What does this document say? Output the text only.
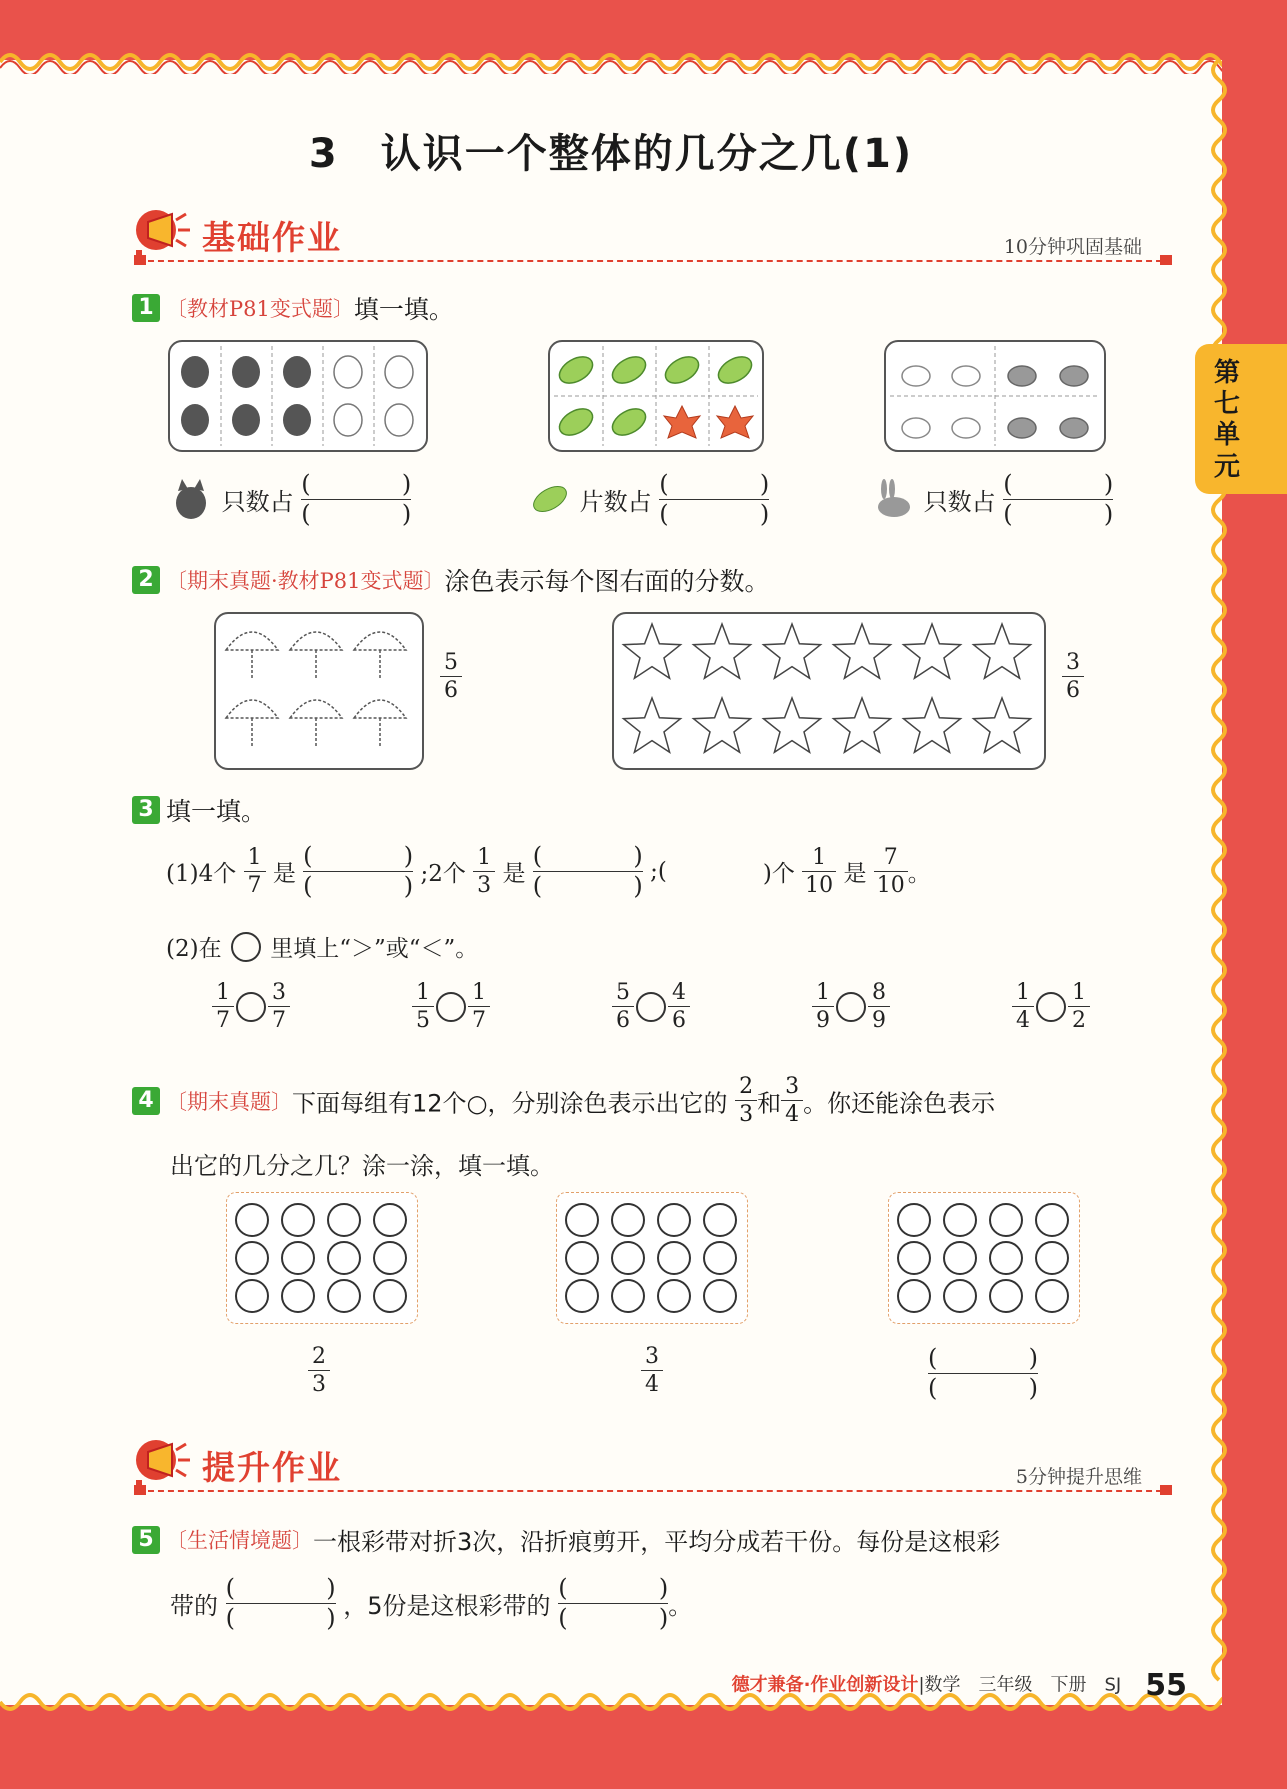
第七单元
3　认识一个整体的几分之几(1)
基础作业	10分钟巩固基础
1 〔教材P81变式题〕填一填。
只数占
(	)
(	)	片数占
(	)
(	)	只数占
(	)
(	)
2 〔期末真题·教材P81变式题〕涂色表示每个图右面的分数。
$\frac{5}{6}$	$\frac{3}{6}$
3 填一填。
(1)4个 $\frac{1}{7}$ 是
(	)
(	) ;2个 $\frac{1}{3}$ 是
(	)
(	)
;(	)个 $\frac{1}{10}$ 是 $\frac{7}{10}$ 。
(2)在 里填上“＞”或“＜”。
$\frac{1}{7} \frac{3}{7}$	$\frac{1}{5} \frac{1}{7}$	$\frac{5}{6} \frac{4}{6}$	$\frac{1}{9} \frac{8}{9}$	$\frac{1}{4} \frac{1}{2}$
4 〔期末真题〕下面每组有12个○，分别涂色表示出它的 $\frac{2}{3}$ 和 $\frac{3}{4}$ 。你还能涂色表示
出它的几分之几？涂一涂，填一填。
$\frac{2}{3}$	$\frac{3}{4}$	(	)
(	)
提升作业	5分钟提升思维
5 〔生活情境题〕一根彩带对折3次，沿折痕剪开，平均分成若干份。每份是这根彩
带的
(	)
(	) ，5份是这根彩带的
(	)
(	) 。
德才兼备·作业创新设计|数学　三年级　下册　SJ 55
